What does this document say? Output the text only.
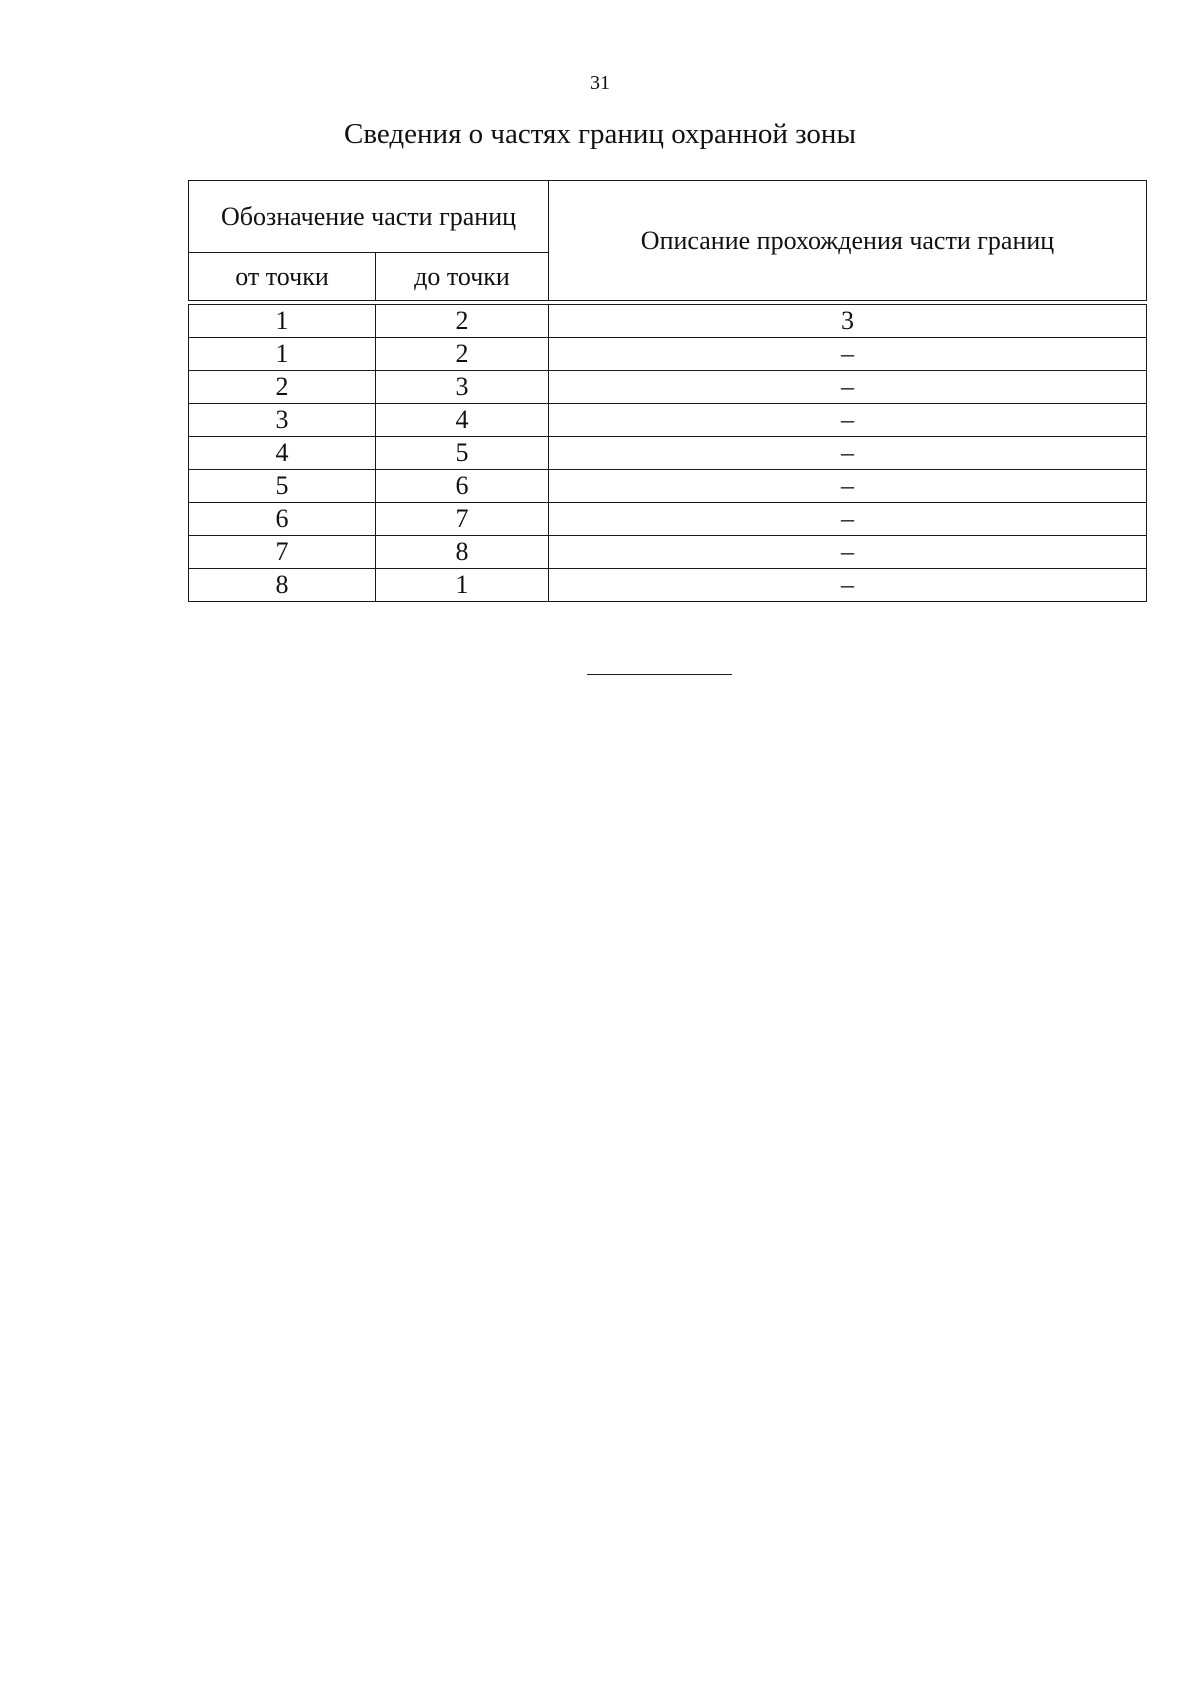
31
Сведения о частях границ охранной зоны
Обозначение части границ		Описание прохождения части границ
от точки	до точки	

1	2	3
1	2	–
2	3	–
3	4	–
4	5	–
5	6	–
6	7	–
7	8	–
8	1	–
